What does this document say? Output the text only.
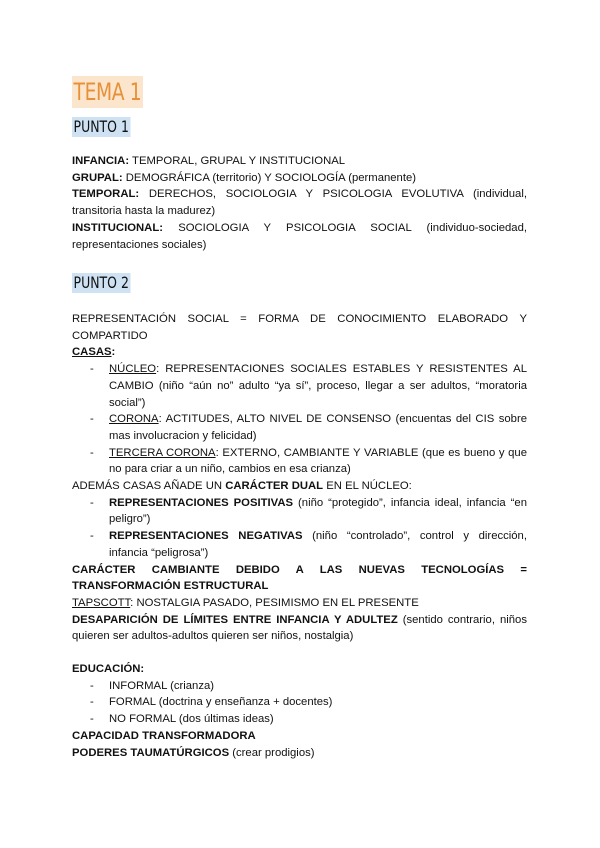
TEMA 1
PUNTO 1

INFANCIA: TEMPORAL, GRUPAL Y INSTITUCIONAL

GRUPAL: DEMOGRÁFICA (territorio) Y SOCIOLOGÍA (permanente)

TEMPORAL: DERECHOS, SOCIOLOGIA Y PSICOLOGIA EVOLUTIVA (individual, transitoria hasta la madurez)

INSTITUCIONAL: SOCIOLOGIA Y PSICOLOGIA SOCIAL (individuo-sociedad, representaciones sociales)

PUNTO 2

REPRESENTACIÓN SOCIAL = FORMA DE CONOCIMIENTO ELABORADO Y COMPARTIDO

CASAS:

- NÚCLEO: REPRESENTACIONES SOCIALES ESTABLES Y RESISTENTES AL CAMBIO (niño “aún no” adulto “ya sí”, proceso, llegar a ser adultos, “moratoria social”)
- CORONA: ACTITUDES, ALTO NIVEL DE CONSENSO (encuentas del CIS sobre mas involucracion y felicidad)
- TERCERA CORONA: EXTERNO, CAMBIANTE Y VARIABLE (que es bueno y que no para criar a un niño, cambios en esa crianza)

ADEMÁS CASAS AÑADE UN CARÁCTER DUAL EN EL NÚCLEO:

- REPRESENTACIONES POSITIVAS (niño “protegido”, infancia ideal, infancia “en peligro”)
- REPRESENTACIONES NEGATIVAS (niño “controlado”, control y dirección, infancia “peligrosa”)

CARÁCTER CAMBIANTE DEBIDO A LAS NUEVAS TECNOLOGÍAS = TRANSFORMACIÓN ESTRUCTURAL

TAPSCOTT: NOSTALGIA PASADO, PESIMISMO EN EL PRESENTE

DESAPARICIÓN DE LÍMITES ENTRE INFANCIA Y ADULTEZ (sentido contrario, niños quieren ser adultos-adultos quieren ser niños, nostalgia)

EDUCACIÓN:

- INFORMAL (crianza)
- FORMAL (doctrina y enseñanza + docentes)
- NO FORMAL (dos últimas ideas)

CAPACIDAD TRANSFORMADORA

PODERES TAUMATÚRGICOS (crear prodigios)
